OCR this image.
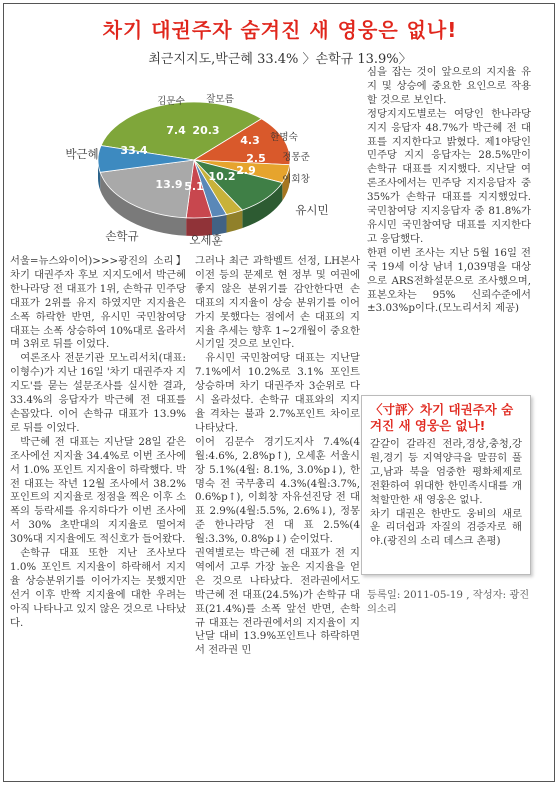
차기 대권주자 숨겨진 새 영웅은 없나!
최근지지도,박근혜 33.4% 〉손학규 13.9%〉
33.4
13.9 5.1
10.2 2.9
2.5
4.3
20.3
7.4
박근혜
손학규	오세훈
유시민
이회창
정몽준
한명숙
잘모름
김문수

서울=뉴스와이어)>>>광진의 소리】 차기 대권주자 후보 지지도에서 박근혜 한나라당 전 대표가 1위, 손학규 민주당 대표가 2위를 유지 하였지만 지지율은 소폭 하락한 반면, 유시민 국민참여당 대표는 소폭 상승하여 10%대로 올라서며 3위로 뒤를 이었다.

여론조사 전문기관 모노리서치(대표: 이형수)가 지난 16일 '차기 대권주자 지지도'를 묻는 설문조사를 실시한 결과, 33.4%의 응답자가 박근혜 전 대표를 손꼽았다. 이어 손학규 대표가 13.9%로 뒤를 이었다.

박근혜 전 대표는 지난달 28일 같은 조사에선 지지율 34.4%로 이번 조사에서 1.0% 포인트 지지율이 하락했다. 박 전 대표는 작년 12월 조사에서 38.2%포인트의 지지율로 정점을 찍은 이후 소폭의 등락세를 유지하다가 이번 조사에서 30% 초반대의 지지율로 떨어져 30%대 지지율에도 적신호가 들어왔다.

손학규 대표 또한 지난 조사보다 1.0% 포인트 지지율이 하락해서 지지율 상승분위기를 이어가지는 못했지만 선거 이후 반짝 지지율에 대한 우려는 아직 나타나고 있지 않은 것으로 나타났다.

그러나 최근 과학벨트 선정, LH본사이전 등의 문제로 현 정부 및 여권에 좋지 않은 분위기를 감안한다면 손 대표의 지지율이 상승 분위기를 이어가지 못했다는 점에서 손 대표의 지지율 추세는 향후 1~2개월이 중요한 시기일 것으로 보인다.

유시민 국민참여당 대표는 지난달 7.1%에서 10.2%로 3.1% 포인트 상승하며 차기 대권주자 3순위로 다시 올라섰다. 손학규 대표와의 지지율 격차는 불과 2.7%포인트 차이로 나타났다.

이어 김문수 경기도지사 7.4%(4월:4.6%, 2.8%p↑), 오세훈 서울시장 5.1%(4월: 8.1%, 3.0%p↓), 한명숙 전 국무총리 4.3%(4월:3.7%, 0.6%p↑), 이회창 자유선진당 전 대표 2.9%(4월:5.5%, 2.6%↓), 정몽준 한나라당 전 대 표 2.5%(4월:3.3%, 0.8%p↓) 순이었다.

권역별로는 박근혜 전 대표가 전 지역에서 고루 가장 높은 지지율을 얻은 것으로 나타났다. 전라권에서도 박근혜 전 대표(24.5%)가 손학규 대 표(21.4%)를 소폭 앞선 반면, 손학규 대표는 전라권에서의 지지율이 지난달 대비 13.9%포인트나 하락하면서 전라권 민

심을 잡는 것이 앞으로의 지지율 유지 및 상승에 중요한 요인으로 작용할 것으로 보인다.

정당지지도별로는 여당인 한나라당 지지 응답자 48.7%가 박근혜 전 대표를 지지한다고 밝혔다. 제1야당인 민주당 지지 응답자는 28.5%만이 손학규 대표를 지지했다. 지난달 여론조사에서는 민주당 지지응답자 중 35%가 손학규 대표를 지지했었다. 국민참여당 지지응답자 중 81.8%가 유시민 국민참여당 대표를 지지한다고 응답했다.

한편 이번 조사는 지난 5월 16일 전국 19세 이상 남녀 1,039명을 대상으로 ARS전화설문으로 조사했으며, 표본오차는 95% 신뢰수준에서 ±3.03%p이다.(모노리서치 제공)

〈寸評〉차기 대권주자 숨겨진 새 영웅은 없나!

갈갈이 갈라진 전라,경상,충청,강원,경기 등 지역양극을 말끔히 풀고,남과 북을 엄중한 평화체제로 전환하여 위대한 한민족시대를 개척할만한 새 영웅은 없나.

차기 대권은 한반도 웅비의 새로운 리더쉽과 자질의 검증자로 해야.(광진의 소리 데스크 촌평)

등록일: 2011-05-19 , 작성자: 광진의소리
